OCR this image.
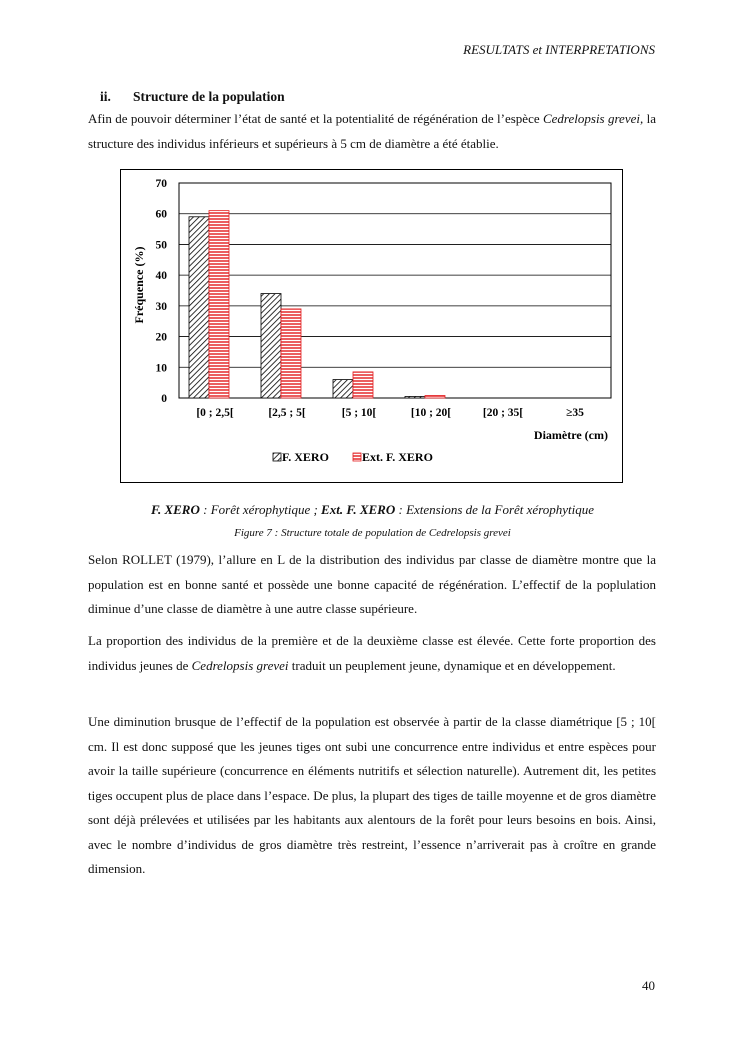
RESULTATS et INTERPRETATIONS
ii. Structure de la population

Afin de pouvoir déterminer l’état de santé et la potentialité de régénération de l’espèce Cedrelopsis grevei, la structure des individus inférieurs et supérieurs à 5 cm de diamètre a été établie.

0
10
20
30
40
50
60
70
[0 ; 2,5[	[2,5 ; 5[	[5 ; 10[	[10 ; 20[	[20 ; 35[	≥35
Fréquence (%)
Diamètre (cm)
F. XERO	Ext. F. XERO
F. XERO : Forêt xérophytique ; Ext. F. XERO : Extensions de la Forêt xérophytique
Figure 7 : Structure totale de population de Cedrelopsis grevei

Selon ROLLET (1979), l’allure en L de la distribution des individus par classe de diamètre montre que la population est en bonne santé et possède une bonne capacité de régénération. L’effectif de la poplulation diminue d’une classe de diamètre à une autre classe supérieure.

La proportion des individus de la première et de la deuxième classe est élevée. Cette forte proportion des individus jeunes de Cedrelopsis grevei traduit un peuplement jeune, dynamique et en développement.

Une diminution brusque de l’effectif de la population est observée à partir de la classe diamétrique [5 ; 10[ cm. Il est donc supposé que les jeunes tiges ont subi une concurrence entre individus et entre espèces pour avoir la taille supérieure (concurrence en éléments nutritifs et sélection naturelle). Autrement dit, les petites tiges occupent plus de place dans l’espace. De plus, la plupart des tiges de taille moyenne et de gros diamètre sont déjà prélevées et utilisées par les habitants aux alentours de la forêt pour leurs besoins en bois. Ainsi, avec le nombre d’individus de gros diamètre très restreint, l’essence n’arriverait pas à croître en grande dimension.

40
